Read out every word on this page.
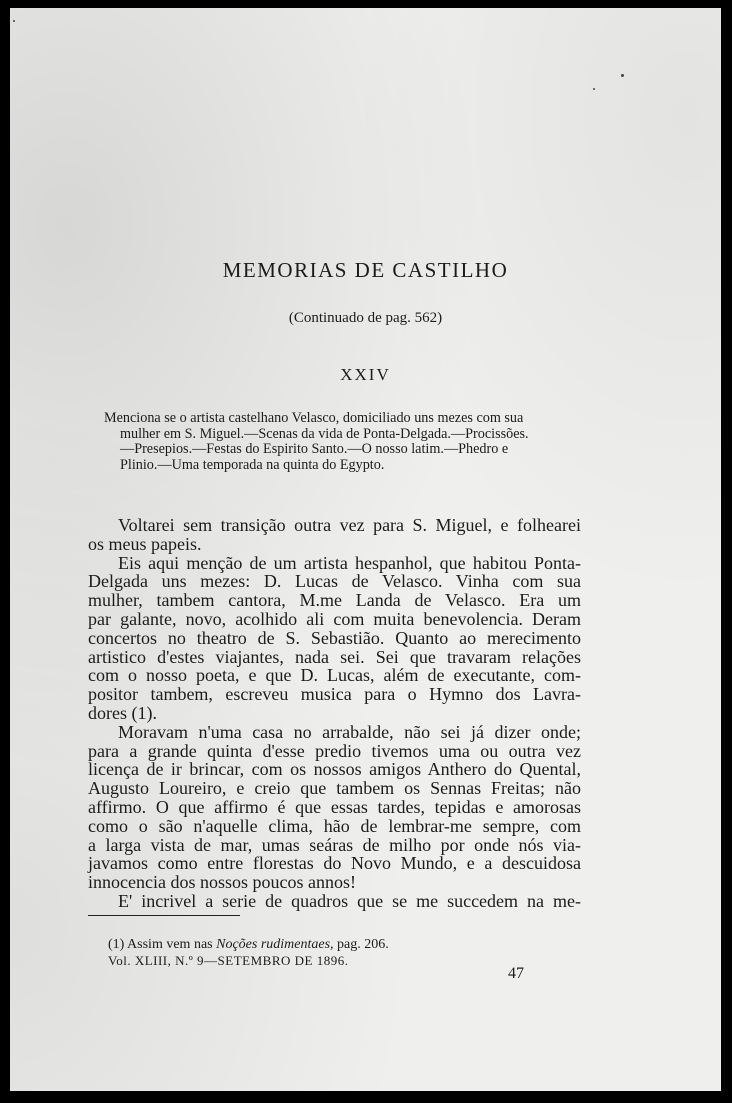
MEMORIAS DE CASTILHO
(Continuado de pag. 562)
XXIV
Menciona se o artista castelhano Velasco, domiciliado uns mezes com sua
mulher em S. Miguel.—Scenas da vida de Ponta-Delgada.—Procissões.
—Presepios.—Festas do Espirito Santo.—O nosso latim.—Phedro e
Plinio.—Uma temporada na quinta do Egypto.
Voltarei sem transição outra vez para S. Miguel, e folhearei
os meus papeis.
Eis aqui menção de um artista hespanhol, que habitou Ponta-
Delgada uns mezes: D. Lucas de Velasco. Vinha com sua
mulher, tambem cantora, M.me Landa de Velasco. Era um
par galante, novo, acolhido ali com muita benevolencia. Deram
concertos no theatro de S. Sebastião. Quanto ao merecimento
artistico d'estes viajantes, nada sei. Sei que travaram relações
com o nosso poeta, e que D. Lucas, além de executante, com-
positor tambem, escreveu musica para o Hymno dos Lavra-
dores (1).
Moravam n'uma casa no arrabalde, não sei já dizer onde;
para a grande quinta d'esse predio tivemos uma ou outra vez
licença de ir brincar, com os nossos amigos Anthero do Quental,
Augusto Loureiro, e creio que tambem os Sennas Freitas; não
affirmo. O que affirmo é que essas tardes, tepidas e amorosas
como o são n'aquelle clima, hão de lembrar-me sempre, com
a larga vista de mar, umas seáras de milho por onde nós via-
javamos como entre florestas do Novo Mundo, e a descuidosa
innocencia dos nossos poucos annos!
E' incrivel a serie de quadros que se me succedem na me-
(1) Assim vem nas Noções rudimentaes, pag. 206.
Vol. XLIII, N.º 9—SETEMBRO DE 1896.
47
